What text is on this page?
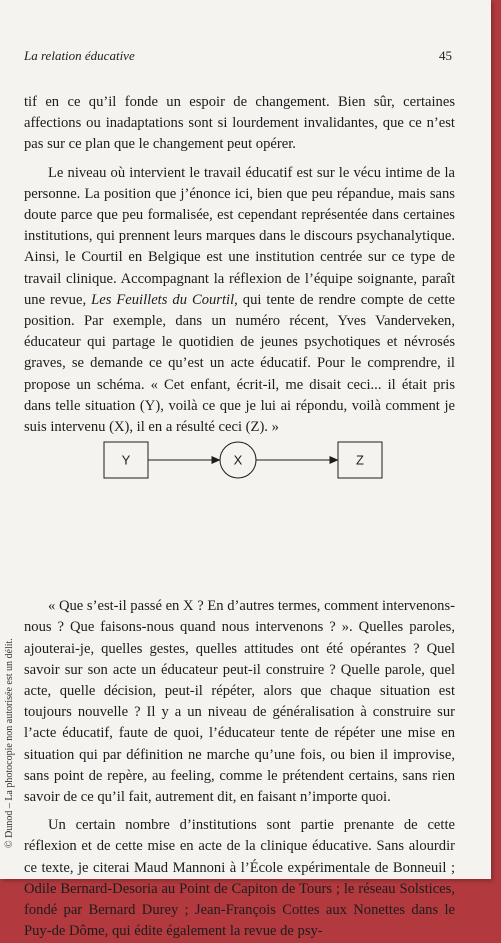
La relation éducative	45

tif en ce qu’il fonde un espoir de changement. Bien sûr, certaines affections ou inadaptations sont si lourdement invalidantes, que ce n’est pas sur ce plan que le changement peut opérer.

Le niveau où intervient le travail éducatif est sur le vécu intime de la personne. La position que j’énonce ici, bien que peu répandue, mais sans doute parce que peu formalisée, est cependant représentée dans certaines institutions, qui prennent leurs marques dans le discours psychanalytique. Ainsi, le Courtil en Belgique est une institution centrée sur ce type de travail clinique. Accompagnant la réflexion de l’équipe soignante, paraît une revue, Les Feuillets du Courtil, qui tente de rendre compte de cette position. Par exemple, dans un numéro récent, Yves Vanderveken, éducateur qui partage le quotidien de jeunes psychotiques et névrosés graves, se demande ce qu’est un acte éducatif. Pour le comprendre, il propose un schéma. « Cet enfant, écrit-il, me disait ceci... il était pris dans telle situation (Y), voilà ce que je lui ai répondu, voilà comment je suis intervenu (X), il en a résulté ceci (Z). »

« Que s’est-il passé en X ? En d’autres termes, comment intervenons-nous ? Que faisons-nous quand nous intervenons ? ». Quelles paroles, ajouterai-je, quelles gestes, quelles attitudes ont été opérantes ? Quel savoir sur son acte un éducateur peut-il construire ? Quelle parole, quel acte, quelle décision, peut-il répéter, alors que chaque situation est toujours nouvelle ? Il y a un niveau de généralisation à construire sur l’acte éducatif, faute de quoi, l’éducateur tente de répéter une mise en situation qui par définition ne marche qu’une fois, ou bien il improvise, sans point de repère, au feeling, comme le prétendent certains, sans rien savoir de ce qu’il fait, autrement dit, en faisant n’importe quoi.

Un certain nombre d’institutions sont partie prenante de cette réflexion et de cette mise en acte de la clinique éducative. Sans alourdir ce texte, je citerai Maud Mannoni à l’École expérimentale de Bonneuil ; Odile Bernard-Desoria au Point de Capiton de Tours ; le réseau Solstices, fondé par Bernard Durey ; Jean-François Cottes aux Nonettes dans le Puy-de Dôme, qui édite également la revue de psy-

Y	X	Z
© Dunod – La photocopie non autorisée est un délit.
